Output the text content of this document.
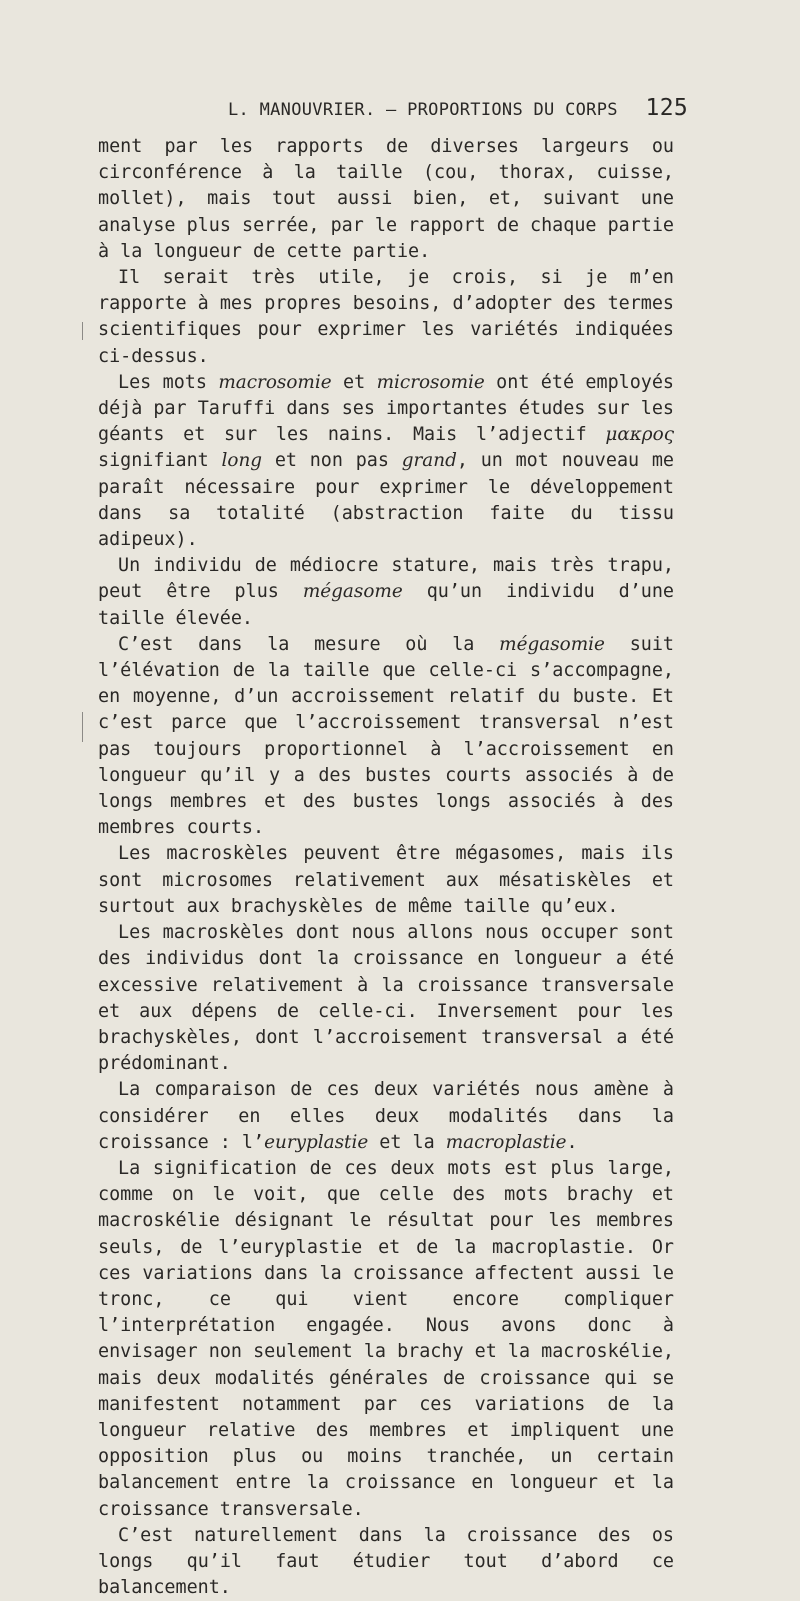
L. MANOUVRIER. — PROPORTIONS DU CORPS 125

ment par les rapports de diverses largeurs ou circonférence à la taille (cou, thorax, cuisse, mollet), mais tout aussi bien, et, suivant une analyse plus serrée, par le rapport de chaque partie à la longueur de cette partie.

Il serait très utile, je crois, si je m’en rapporte à mes propres besoins, d’adopter des termes scientifiques pour exprimer les variétés indiquées ci-dessus.

Les mots macrosomie et microsomie ont été employés déjà par Taruffi dans ses importantes études sur les géants et sur les nains. Mais l’adjectif μακρος signifiant long et non pas grand, un mot nouveau me paraît nécessaire pour exprimer le développement dans sa totalité (abstraction faite du tissu adipeux).

Un individu de médiocre stature, mais très trapu, peut être plus mégasome qu’un individu d’une taille élevée.

C’est dans la mesure où la mégasomie suit l’élévation de la taille que celle-ci s’accompagne, en moyenne, d’un accroissement relatif du buste. Et c’est parce que l’accroissement transversal n’est pas toujours proportionnel à l’accroissement en longueur qu’il y a des bustes courts associés à de longs membres et des bustes longs associés à des membres courts.

Les macroskèles peuvent être mégasomes, mais ils sont microsomes relativement aux mésatiskèles et surtout aux brachyskèles de même taille qu’eux.

Les macroskèles dont nous allons nous occuper sont des individus dont la croissance en longueur a été excessive relativement à la croissance transversale et aux dépens de celle-ci. Inversement pour les brachyskèles, dont l’accroisement transversal a été prédominant.

La comparaison de ces deux variétés nous amène à considérer en elles deux modalités dans la croissance : l’euryplastie et la macroplastie.

La signification de ces deux mots est plus large, comme on le voit, que celle des mots brachy et macroskélie désignant le résultat pour les membres seuls, de l’euryplastie et de la macroplastie. Or ces variations dans la croissance affectent aussi le tronc, ce qui vient encore compliquer l’interprétation engagée. Nous avons donc à envisager non seulement la brachy et la macroskélie, mais deux modalités générales de croissance qui se manifestent notamment par ces variations de la longueur relative des membres et impliquent une opposition plus ou moins tranchée, un certain balancement entre la croissance en longueur et la croissance transversale.

C’est naturellement dans la croissance des os longs qu’il faut étudier tout d’abord ce balancement.
